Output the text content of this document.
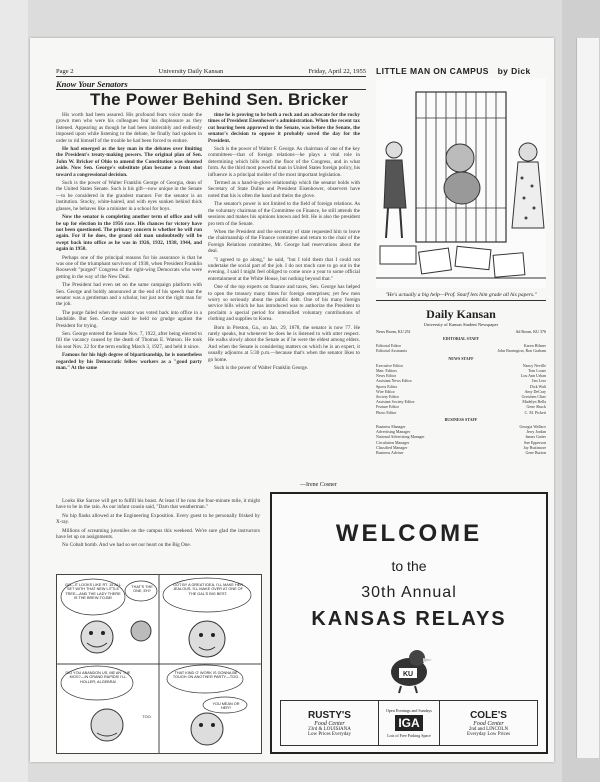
Page 2	University Daily Kansan	Friday, April 22, 1955
Know Your Senators
The Power Behind Sen. Bricker

His worth had been assured. His profound fears voice made the grown men who were his colleagues fear his displeasure as they listened. Appearing as though he had been intolerably and endlessly imposed upon while listening to the debate, he finally had spoken in order to rid himself of the trouble he had been forced to endure.

He had emerged as the key man in the debates over limiting the President's treaty-making powers. The original plan of Sen. John W. Bricker of Ohio to amend the Constitution was shunted aside. Now Sen. George's substitute plan became a front shot toward a congressional decision.

Such is the power of Walter Franklin George of Georgia, dean of the United States Senate. Such is his gift—now unique in the Senate—to be considered in the grandest manner. For the senator is an institution. Stocky, white-haired, and with eyes sunken behind thick glasses, he behaves like a minister in a school for boys.

Now the senator is completing another term of office and will be up for election in the 1956 race. His chances for victory have not been questioned. The primary concern is whether he will run again. For if he does, the grand old man undoubtedly will be swept back into office as he was in 1926, 1932, 1938, 1944, and again in 1950.

Perhaps one of the principal reasons for his assurance is that he was one of the triumphant survivors of 1938, when President Franklin Roosevelt "purged" Congress of the right-wing Democrats who were getting in the way of the New Deal.

The President had even set on the same campaign platform with Sen. George and boldly announced at the end of his speech that the senator was a gentleman and a scholar, but just not the right man for the job.

The purge failed when the senator was voted back into office in a landslide. But Sen. George said he held no grudge against the President for trying.

Sen. George entered the Senate Nov. 7, 1922, after being elected to fill the vacancy caused by the death of Thomas E. Watson. He took his seat Nov. 22 for the term ending March 3, 1927, and held it since.

Famous for his high degree of bipartisanship, he is nonetheless regarded by his Democratic fellow workers as a "good party man." At the same

time he is proving to be both a rock and an advocate for the rocky times of President Eisenhower's administration. When the recent tax cut hearing been approved in the Senate, was before the Senate, the senator's decision to oppose it probably saved the day for the President.

Such is the power of Walter F. George. As chairman of one of the key committees—that of foreign relations—he plays a vital role in determining which bills reach the floor of the Congress, and in what form. As the third most powerful man in United States foreign policy, his influence is a principal molder of the most important legislation.

Termed as a hand-in-glove relationship which the senator holds with Secretary of State Dulles and President Eisenhower, observers have noted that his is often the hand and theirs the glove.

The senator's power is not limited to the field of foreign relations. As the voluntary chairman of the Committee on Finance, he still attends the sessions and makes his opinions known and felt. He is also the president pro tem of the Senate.

When the President and the secretary of state requested him to leave the chairmanship of the Finance committee and return to the chair of the Foreign Relations committee, Mr. George had reservations about the deal.

"I agreed to go along," he said, "but I told them that I could not undertake the social part of the job. I do not much care to go out in the evening. I said I might feel obliged to come once a year to some official entertainment at the White House, but nothing beyond that."

One of the top experts on finance and taxes, Sen. George has helped to open the treasury many times for foreign enterprises; yet few men worry so seriously about the public debt. One of his many foreign service bills which he has introduced was to authorize the President to proclaim a special period for intensified voluntary contributions of clothing and supplies to Korea.

Born in Preston, Ga., on Jan. 29, 1878, the senator is now 77. He rarely speaks, but whenever he does he is listened to with utter respect. He walks slowly about the Senate as if he were the eldest among elders. And when the Senate is considering matters on which he is an expert, it usually adjourns at 5:30 p.m.—because that's when the senator likes to go home.

Such is the power of Walter Franklin George.

—Irene Cosner

Looks like Sarcoe will get to fulfill his boast. At least if he runs the four-minute mile, it might have to be in the rain. As our infant cousin said, "Darn that weatherman."

No hip flasks allowed at the Engineering Exposition. Every guest to be personally frisked by X-ray.

Millions of screaming juveniles on the campus this weekend. We're sure glad the instructors have let up on assignments.

No Cobalt bomb. And we had so set our heart on the Big One.

LITTLE MAN ON CAMPUS by Dick
"He's actually a big help—Prof. Snarf lets him grade all his papers."
Daily Kansan
University of Kansas Student Newspaper
News Room, KU 251	Ad Room, KU 376
EDITORIAL STAFF
Editorial Editor	Karen Hilmer
Editorial Assistants	John Barrington, Ron Graham
NEWS STAFF
Executive Editor	Nancy Neville
Man. Editors	Tom Louse
News Editor	Lou Ann Urban
Assistant News Editor	Jim Lerz
Sports Editor	Dick Walt
Wire Editor	Amy DeCray
Society Editor	Gretchen Cline
Assistant Society Editor	Madelyn Bella
Feature Editor	Gene Shuck
Photo Editor	C. M. Pickett
BUSINESS STAFF
Business Manager	Georgia Wallace
Advertising Manager	Jerry Jordan
National Advertising Manager	James Gatter
Circulation Manager	Sue Epperson
Classified Manager	Jay Buttimore
Business Adviser	Gene Burton
GO—IT LOOKS LIKE RT. 15 ALL SET WITH THAT NEW LITTLE TREE—AND THE LADY THERE IS THE BREW-TO-BE!
THAT'S THE ONE, EH?
GOT BY A GREAT IDEA. I'LL MAKE HER JEALOUS. I'LL MAKE OVER AT ONE OF THE GAL'S BIG BEST.
DID YOU ABANDON US, ME AN' THE KIDS?—IN GRAND RAPIDS! I'LL HOLLER, ALGEBRA!
THAT KIND O' WORK IS GONNA BE TOUGH ON ANOTHER PARTY—TOO.
YOU MEAN OR HER?
TOO.
WELCOME
to the
30th Annual
KANSAS RELAYS
KU
RUSTY'S
Food Center
23rd & LOUISIANA
Low Prices Everyday
Open Evenings and Sundays
IGA
Lots of Free Parking Space
COLE'S
Food Center
2nd and LINCOLN
Everyday Low Prices
